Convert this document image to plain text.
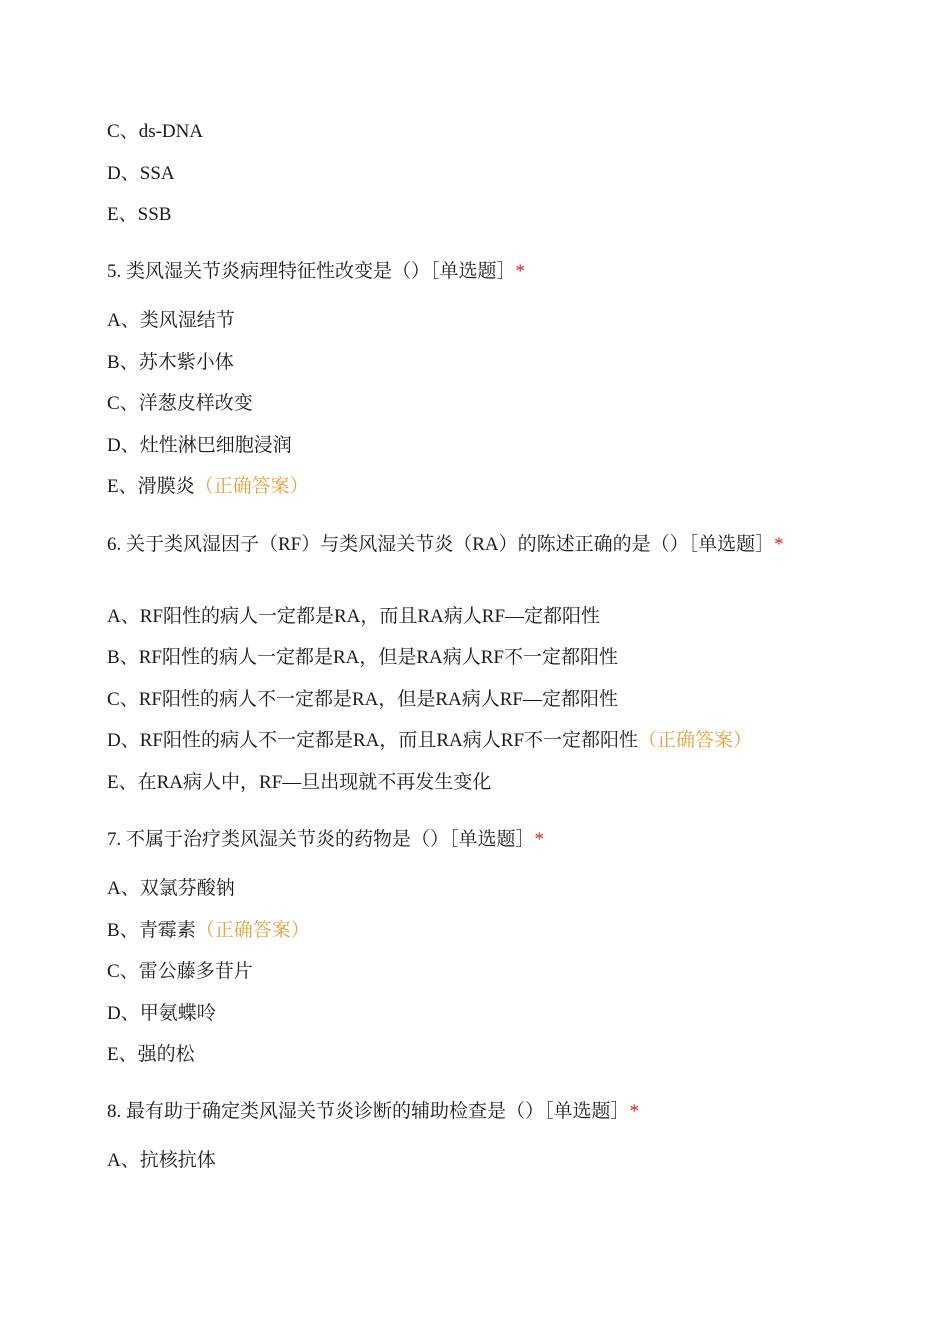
C、ds-DNA
D、SSA
E、SSB
5. 类风湿关节炎病理特征性改变是（）［单选题］*
A、类风湿结节
B、苏木紫小体
C、洋葱皮样改变
D、灶性淋巴细胞浸润
E、滑膜炎（正确答案）
6. 关于类风湿因子（RF）与类风湿关节炎（RA）的陈述正确的是（）［单选题］*
A、RF阳性的病人一定都是RA，而且RA病人RF—定都阳性
B、RF阳性的病人一定都是RA，但是RA病人RF不一定都阳性
C、RF阳性的病人不一定都是RA，但是RA病人RF—定都阳性
D、RF阳性的病人不一定都是RA，而且RA病人RF不一定都阳性（正确答案）
E、在RA病人中，RF—旦出现就不再发生变化
7. 不属于治疗类风湿关节炎的药物是（）［单选题］*
A、双氯芬酸钠
B、青霉素（正确答案）
C、雷公藤多苷片
D、甲氨蝶呤
E、强的松
8. 最有助于确定类风湿关节炎诊断的辅助检查是（）［单选题］*
A、抗核抗体
